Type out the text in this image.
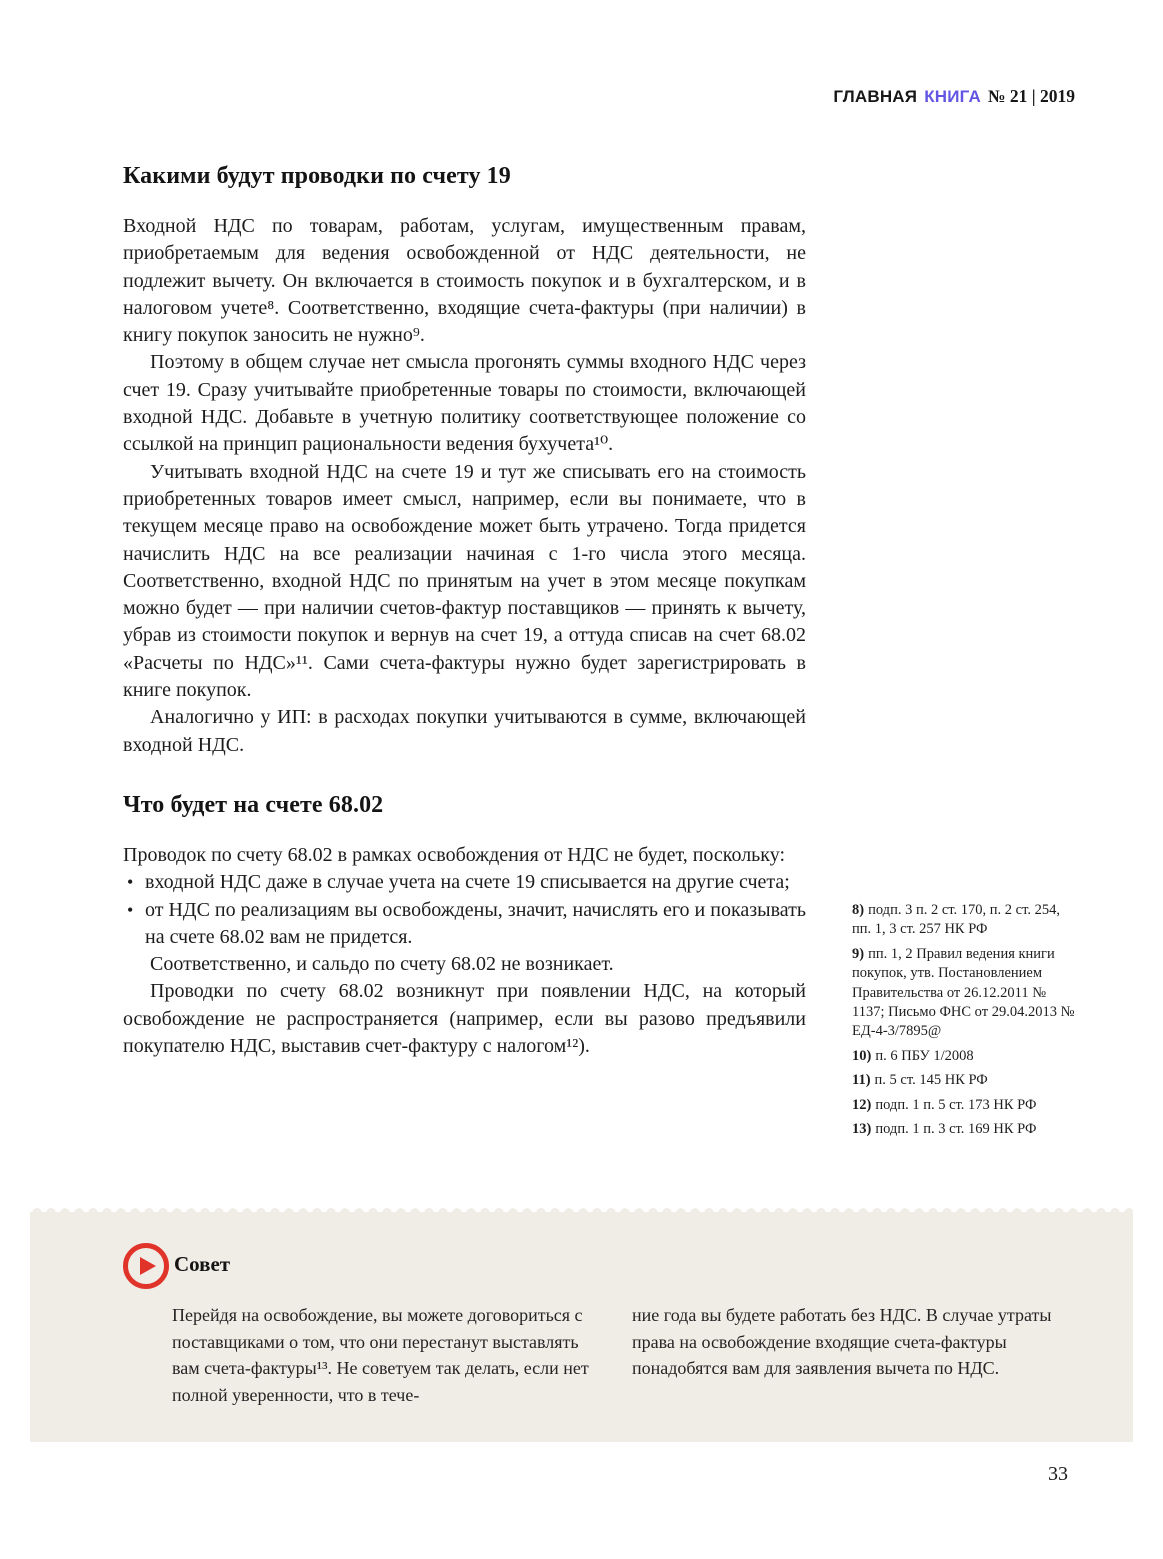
ГЛАВНАЯ КНИГА № 21 | 2019
Какими будут проводки по счету 19

Входной НДС по товарам, работам, услугам, имущественным правам, приобретаемым для ведения освобожденной от НДС деятельности, не подлежит вычету. Он включается в стоимость покупок и в бухгалтерском, и в налоговом учете⁸. Соответственно, входящие счета-фактуры (при наличии) в книгу покупок заносить не нужно⁹.

Поэтому в общем случае нет смысла прогонять суммы входного НДС через счет 19. Сразу учитывайте приобретенные товары по стоимости, включающей входной НДС. Добавьте в учетную политику соответствующее положение со ссылкой на принцип рациональности ведения бухучета¹⁰.

Учитывать входной НДС на счете 19 и тут же списывать его на стоимость приобретенных товаров имеет смысл, например, если вы понимаете, что в текущем месяце право на освобождение может быть утрачено. Тогда придется начислить НДС на все реализации начиная с 1-го числа этого месяца. Соответственно, входной НДС по принятым на учет в этом месяце покупкам можно будет — при наличии счетов-фактур поставщиков — принять к вычету, убрав из стоимости покупок и вернув на счет 19, а оттуда списав на счет 68.02 «Расчеты по НДС»¹¹. Сами счета-фактуры нужно будет зарегистрировать в книге покупок.

Аналогично у ИП: в расходах покупки учитываются в сумме, включающей входной НДС.

Что будет на счете 68.02

Проводок по счету 68.02 в рамках освобождения от НДС не будет, поскольку:

• входной НДС даже в случае учета на счете 19 списывается на другие счета;

• от НДС по реализациям вы освобождены, значит, начислять его и показывать на счете 68.02 вам не придется.

Соответственно, и сальдо по счету 68.02 не возникает.

Проводки по счету 68.02 возникнут при появлении НДС, на который освобождение не распространяется (например, если вы разово предъявили покупателю НДС, выставив счет-фактуру с налогом¹²).

8) подп. 3 п. 2 ст. 170, п. 2 ст. 254, пп. 1, 3 ст. 257 НК РФ

9) пп. 1, 2 Правил ведения книги покупок, утв. Постановлением Правительства от 26.12.2011 № 1137; Письмо ФНС от 29.04.2013 № ЕД-4-3/7895@

10) п. 6 ПБУ 1/2008

11) п. 5 ст. 145 НК РФ

12) подп. 1 п. 5 ст. 173 НК РФ

13) подп. 1 п. 3 ст. 169 НК РФ

Совет

Перейдя на освобождение, вы можете договориться с поставщиками о том, что они перестанут выставлять вам счета-фактуры¹³. Не советуем так делать, если нет полной уверенности, что в тече-

ние года вы будете работать без НДС. В случае утраты права на освобождение входящие счета-фактуры понадобятся вам для заявления вычета по НДС.

33
